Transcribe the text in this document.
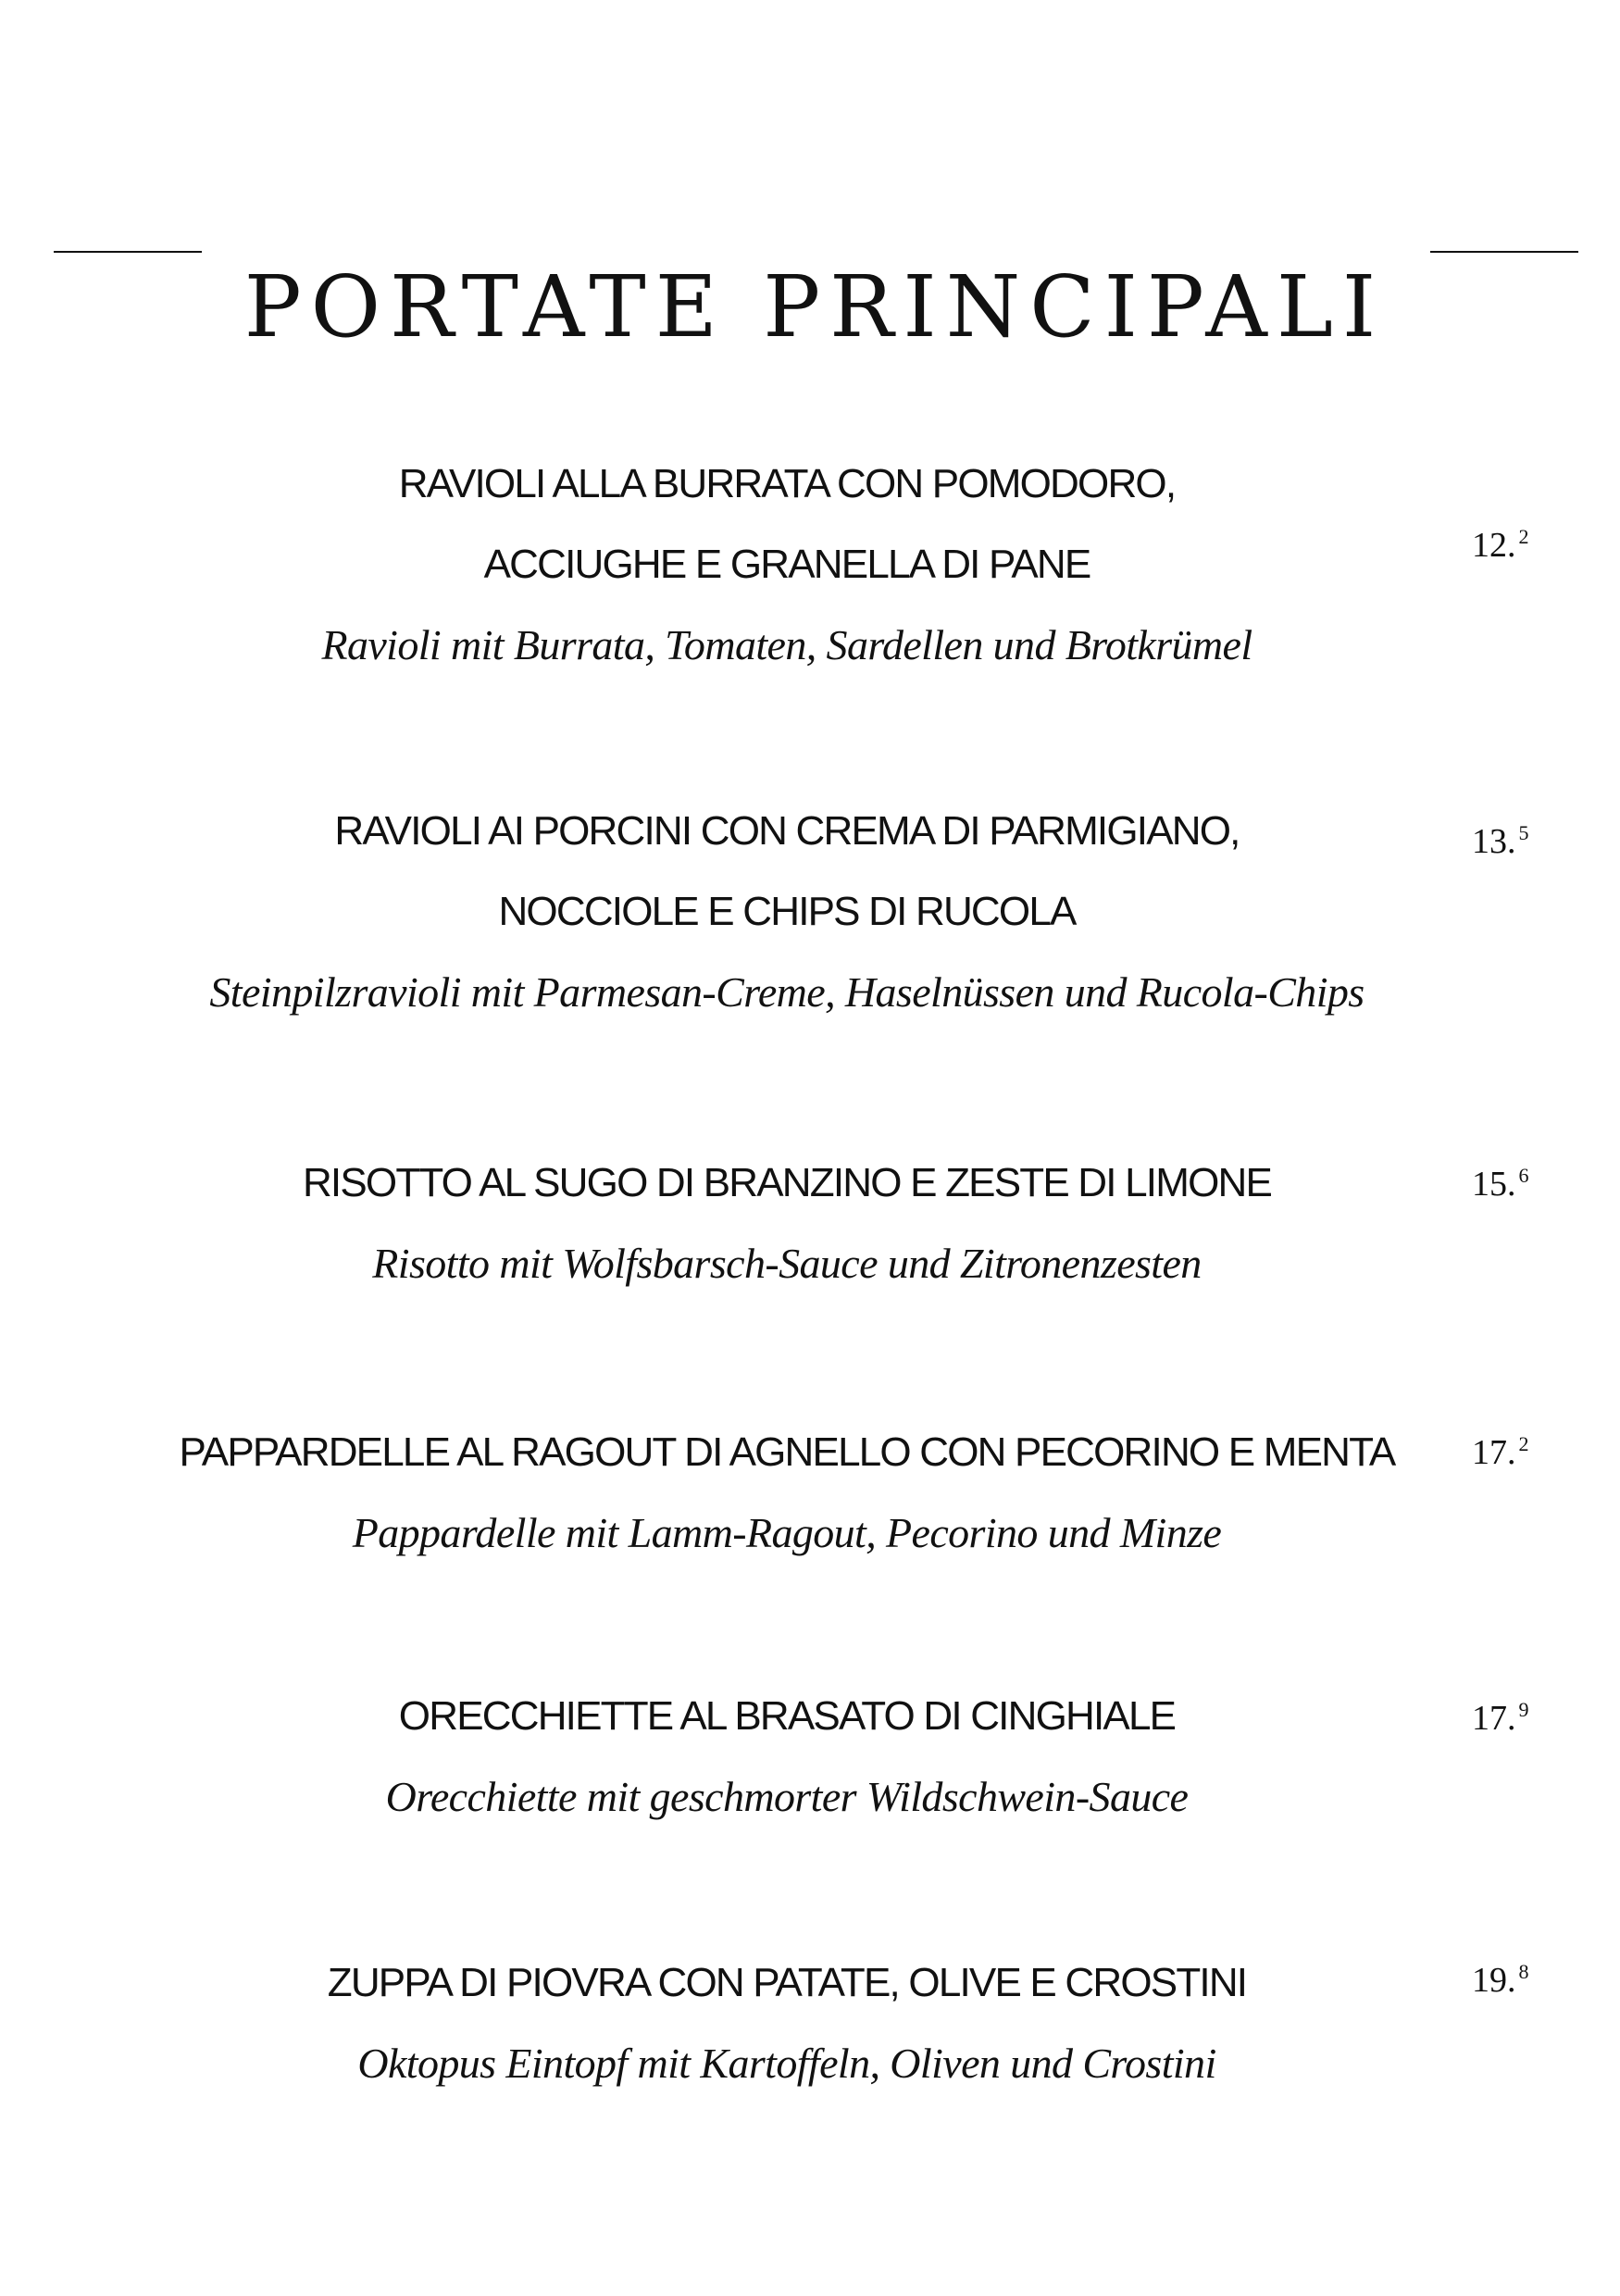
PORTATE PRINCIPALI
RAVIOLI ALLA BURRATA CON POMODORO,
ACCIUGHE E GRANELLA DI PANE
Ravioli mit Burrata, Tomaten, Sardellen und Brotkrümel
12. $^2$
RAVIOLI AI PORCINI CON CREMA DI PARMIGIANO,
NOCCIOLE E CHIPS DI RUCOLA
Steinpilzravioli mit Parmesan-Creme, Haselnüssen und Rucola-Chips
13. $^5$
RISOTTO AL SUGO DI BRANZINO E ZESTE DI LIMONE
Risotto mit Wolfsbarsch-Sauce und Zitronenzesten
15. $^6$
PAPPARDELLE AL RAGOUT DI AGNELLO CON PECORINO E MENTA
Pappardelle mit Lamm-Ragout, Pecorino und Minze
17. $^2$
ORECCHIETTE AL BRASATO DI CINGHIALE
Orecchiette mit geschmorter Wildschwein-Sauce
17. $^9$
ZUPPA DI PIOVRA CON PATATE, OLIVE E CROSTINI
Oktopus Eintopf mit Kartoffeln, Oliven und Crostini
19. $^8$
